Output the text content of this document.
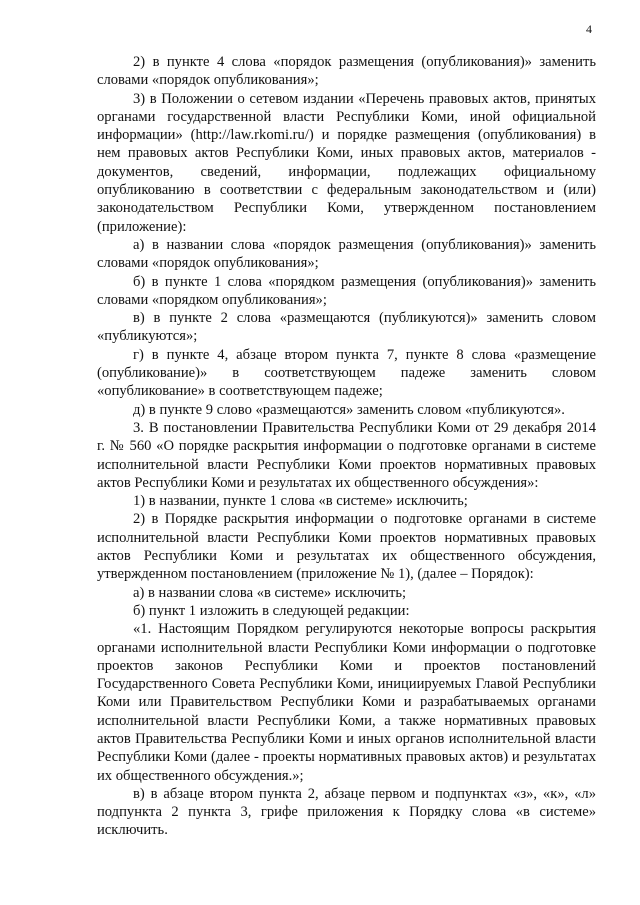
4

2) в пункте 4 слова «порядок размещения (опубликования)» заменить словами «порядок опубликования»;

3) в Положении о сетевом издании «Перечень правовых актов, принятых органами государственной власти Республики Коми, иной официальной информации» (http://law.rkomi.ru/) и порядке размещения (опубликования) в нем правовых актов Республики Коми, иных правовых актов, материалов - документов, сведений, информации, подлежащих официальному опубликованию в соответствии с федеральным законодательством и (или) законодательством Республики Коми, утвержденном постановлением (приложение):

а) в названии слова «порядок размещения (опубликования)» заменить словами «порядок опубликования»;

б) в пункте 1 слова «порядком размещения (опубликования)» заменить словами «порядком опубликования»;

в) в пункте 2 слова «размещаются (публикуются)» заменить словом «публикуются»;

г) в пункте 4, абзаце втором пункта 7, пункте 8 слова «размещение (опубликование)» в соответствующем падеже заменить словом «опубликование» в соответствующем падеже;

д) в пункте 9 слово «размещаются» заменить словом «публикуются».

3. В постановлении Правительства Республики Коми от 29 декабря 2014 г. № 560 «О порядке раскрытия информации о подготовке органами в системе исполнительной власти Республики Коми проектов нормативных правовых актов Республики Коми и результатах их общественного обсуждения»:

1) в названии, пункте 1 слова «в системе» исключить;

2) в Порядке раскрытия информации о подготовке органами в системе исполнительной власти Республики Коми проектов нормативных правовых актов Республики Коми и результатах их общественного обсуждения, утвержденном постановлением (приложение № 1), (далее – Порядок):

а) в названии слова «в системе» исключить;

б) пункт 1 изложить в следующей редакции:

«1. Настоящим Порядком регулируются некоторые вопросы раскрытия органами исполнительной власти Республики Коми информации о подготовке проектов законов Республики Коми и проектов постановлений Государственного Совета Республики Коми, инициируемых Главой Республики Коми или Правительством Республики Коми и разрабатываемых органами исполнительной власти Республики Коми, а также нормативных правовых актов Правительства Республики Коми и иных органов исполнительной власти Республики Коми (далее - проекты нормативных правовых актов) и результатах их общественного обсуждения.»;

в) в абзаце втором пункта 2, абзаце первом и подпунктах «з», «к», «л» подпункта 2 пункта 3, грифе приложения к Порядку слова «в системе» исключить.
